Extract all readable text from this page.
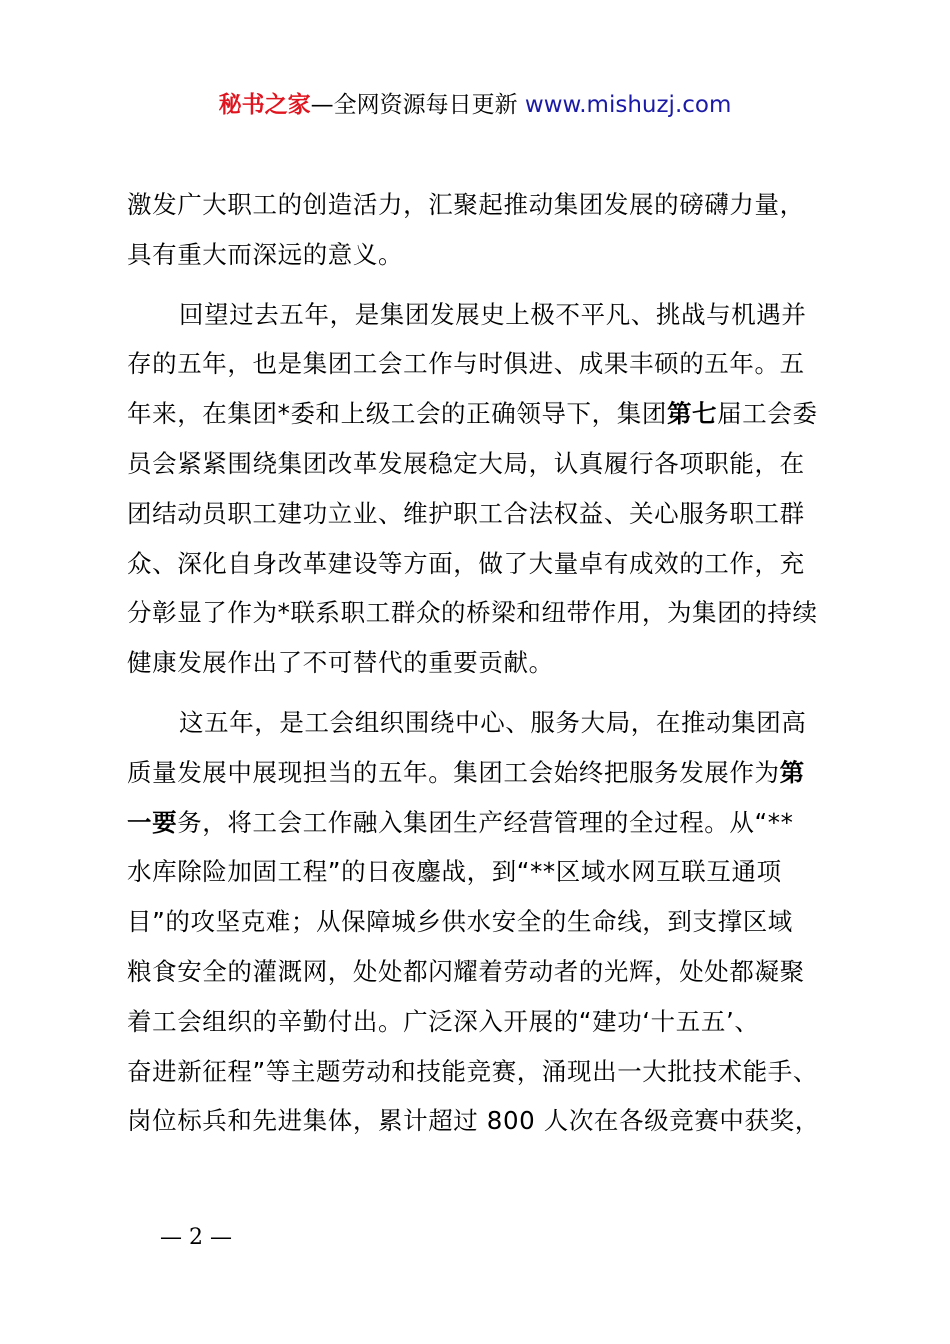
秘书之家—全网资源每日更新 www.mishuzj.com
激发广大职工的创造活力，汇聚起推动集团发展的磅礴力量，
具有重大而深远的意义。
回望过去五年，是集团发展史上极不平凡、挑战与机遇并
存的五年，也是集团工会工作与时俱进、成果丰硕的五年。五
年来，在集团*委和上级工会的正确领导下，集团第七届工会委
员会紧紧围绕集团改革发展稳定大局，认真履行各项职能，在
团结动员职工建功立业、维护职工合法权益、关心服务职工群
众、深化自身改革建设等方面，做了大量卓有成效的工作，充
分彰显了作为*联系职工群众的桥梁和纽带作用，为集团的持续
健康发展作出了不可替代的重要贡献。
这五年，是工会组织围绕中心、服务大局，在推动集团高
质量发展中展现担当的五年。集团工会始终把服务发展作为第
一要务，将工会工作融入集团生产经营管理的全过程。从“**
水库除险加固工程”的日夜鏖战，到“**区域水网互联互通项
目”的攻坚克难；从保障城乡供水安全的生命线，到支撑区域
粮食安全的灌溉网，处处都闪耀着劳动者的光辉，处处都凝聚
着工会组织的辛勤付出。广泛深入开展的“建功‘十五五’、
奋进新征程”等主题劳动和技能竞赛，涌现出一大批技术能手、
岗位标兵和先进集体，累计超过 800 人次在各级竞赛中获奖，
— 2 —
